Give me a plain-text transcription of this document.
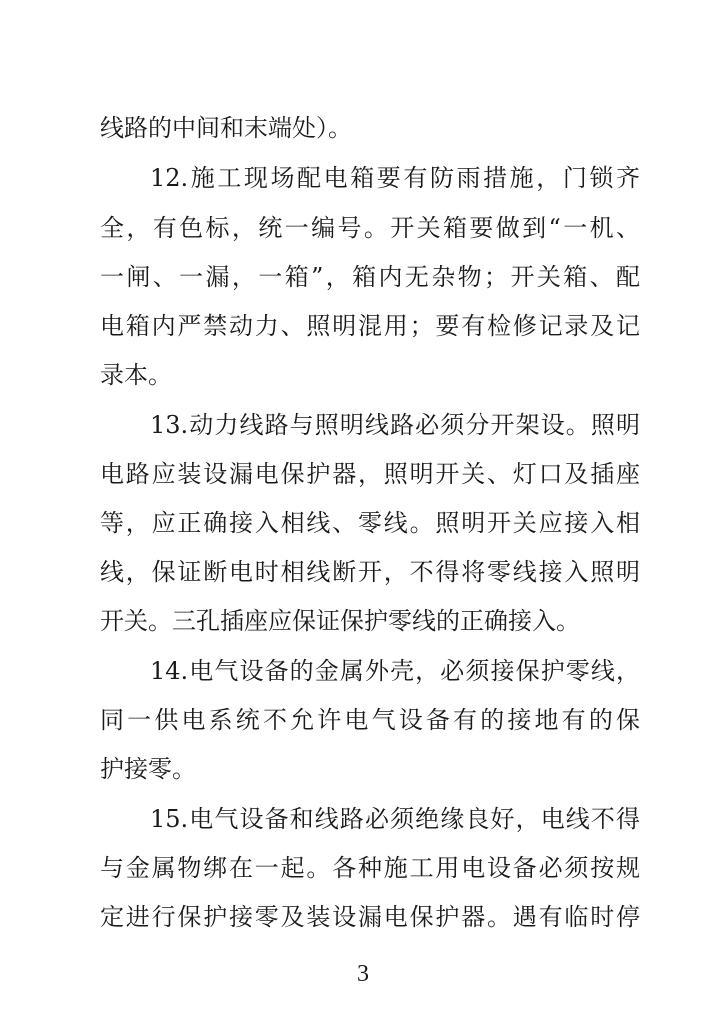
线路的中间和末端处）。
12.施工现场配电箱要有防雨措施，门锁齐
全，有色标，统一编号。开关箱要做到“一机、
一闸、一漏，一箱”，箱内无杂物；开关箱、配
电箱内严禁动力、照明混用；要有检修记录及记
录本。
13.动力线路与照明线路必须分开架设。照明
电路应装设漏电保护器，照明开关、灯口及插座
等，应正确接入相线、零线。照明开关应接入相
线，保证断电时相线断开，不得将零线接入照明
开关。三孔插座应保证保护零线的正确接入。
14.电气设备的金属外壳，必须接保护零线，
同一供电系统不允许电气设备有的接地有的保
护接零。
15.电气设备和线路必须绝缘良好，电线不得
与金属物绑在一起。各种施工用电设备必须按规
定进行保护接零及装设漏电保护器。遇有临时停
3
